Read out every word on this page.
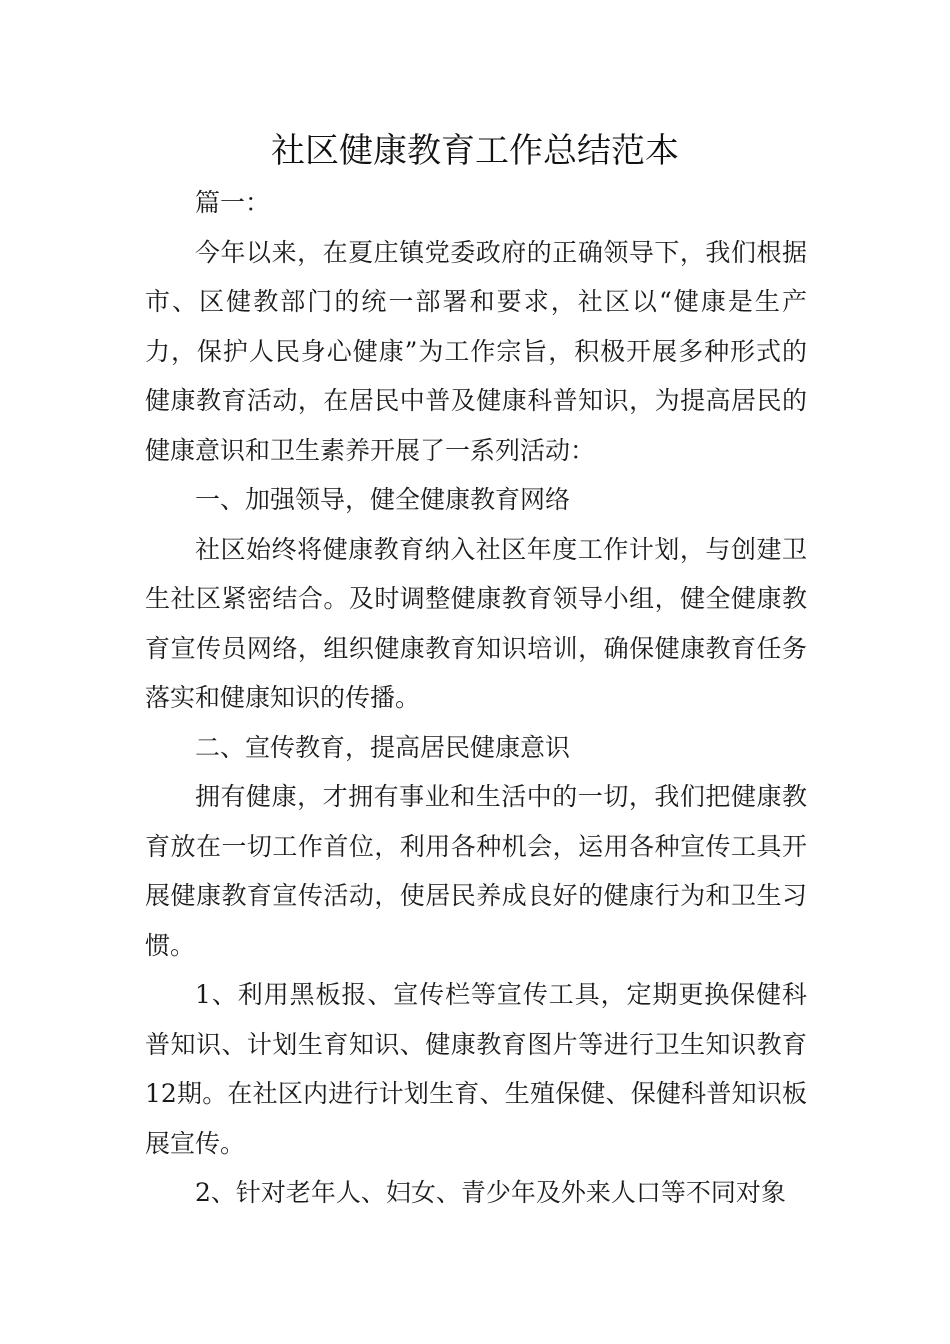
社区健康教育工作总结范本

篇一：

今年以来，在夏庄镇党委政府的正确领导下，我们根据市、区健教部门的统一部署和要求，社区以“健康是生产力，保护人民身心健康”为工作宗旨，积极开展多种形式的健康教育活动，在居民中普及健康科普知识，为提高居民的健康意识和卫生素养开展了一系列活动：

一、加强领导，健全健康教育网络

社区始终将健康教育纳入社区年度工作计划，与创建卫生社区紧密结合。及时调整健康教育领导小组，健全健康教育宣传员网络，组织健康教育知识培训，确保健康教育任务落实和健康知识的传播。

二、宣传教育，提高居民健康意识

拥有健康，才拥有事业和生活中的一切，我们把健康教育放在一切工作首位，利用各种机会，运用各种宣传工具开展健康教育宣传活动，使居民养成良好的健康行为和卫生习惯。

1、利用黑板报、宣传栏等宣传工具，定期更换保健科普知识、计划生育知识、健康教育图片等进行卫生知识教育12期。在社区内进行计划生育、生殖保健、保健科普知识板展宣传。

2、针对老年人、妇女、青少年及外来人口等不同对象
